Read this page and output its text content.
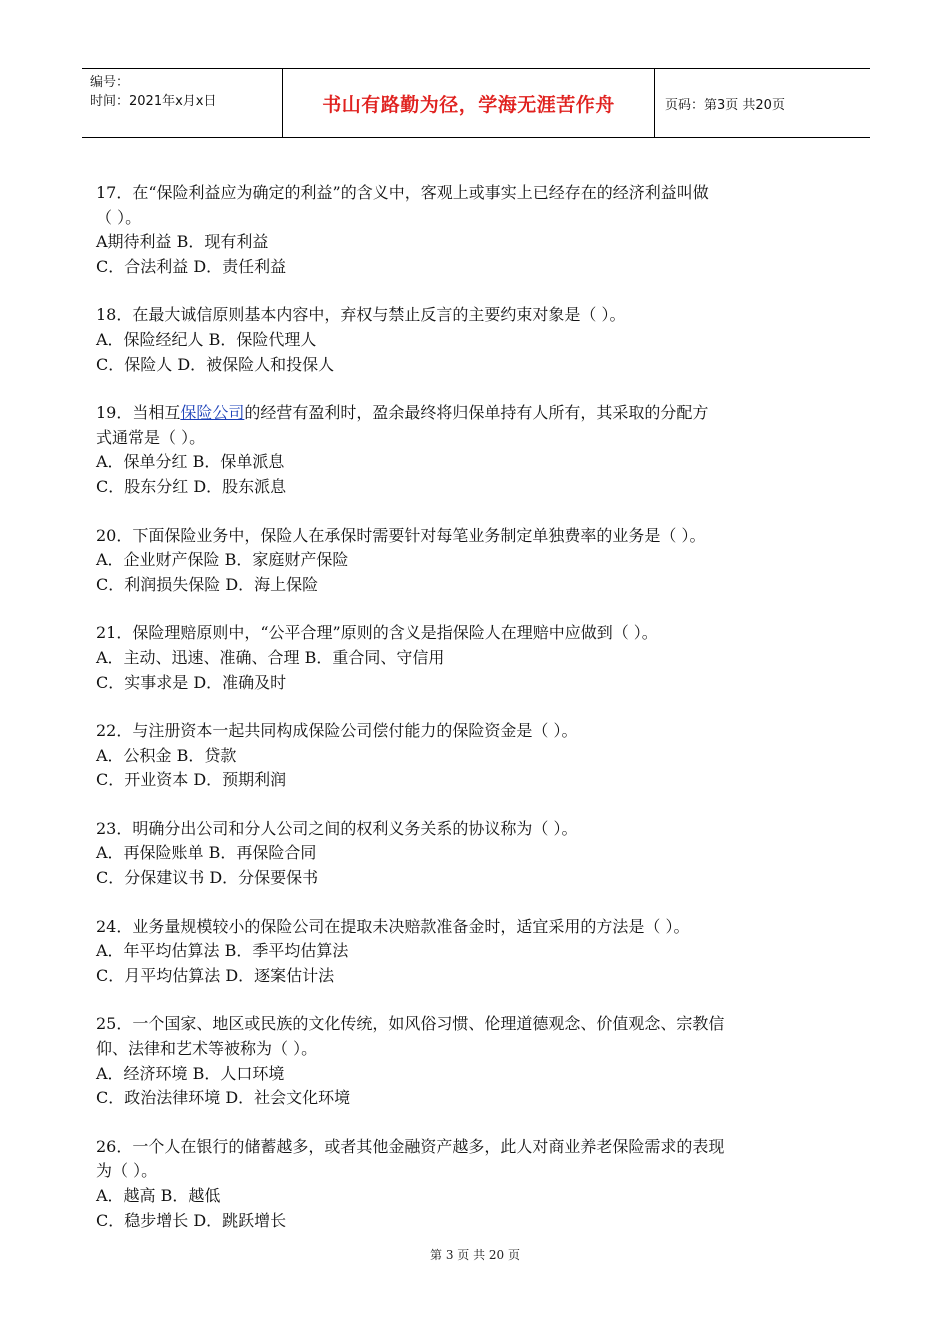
编号：
时间：2021年x月x日	书山有路勤为径，学海无涯苦作舟	页码：第3页 共20页
17．在“保险利益应为确定的利益”的含义中，客观上或事实上已经存在的经济利益叫做
（ ）。
A期待利益 B．现有利益
C．合法利益 D．责任利益
18．在最大诚信原则基本内容中，弃权与禁止反言的主要约束对象是（ ）。
A．保险经纪人 B．保险代理人
C．保险人 D．被保险人和投保人
19．当相互保险公司的经营有盈利时，盈余最终将归保单持有人所有，其采取的分配方
式通常是（ ）。
A．保单分红 B．保单派息
C．股东分红 D．股东派息
20．下面保险业务中，保险人在承保时需要针对每笔业务制定单独费率的业务是（ ）。
A．企业财产保险 B．家庭财产保险
C．利润损失保险 D．海上保险
21．保险理赔原则中，“公平合理”原则的含义是指保险人在理赔中应做到（ ）。
A．主动、迅速、准确、合理 B．重合同、守信用
C．实事求是 D．准确及时
22．与注册资本一起共同构成保险公司偿付能力的保险资金是（ ）。
A．公积金 B．贷款
C．开业资本 D．预期利润
23．明确分出公司和分人公司之间的权利义务关系的协议称为（ ）。
A．再保险账单 B．再保险合同
C．分保建议书 D．分保要保书
24．业务量规模较小的保险公司在提取未决赔款准备金时，适宜采用的方法是（ ）。
A．年平均估算法 B．季平均估算法
C．月平均估算法 D．逐案估计法
25．一个国家、地区或民族的文化传统，如风俗习惯、伦理道德观念、价值观念、宗教信
仰、法律和艺术等被称为（ ）。
A．经济环境 B．人口环境
C．政治法律环境 D．社会文化环境
26．一个人在银行的储蓄越多，或者其他金融资产越多，此人对商业养老保险需求的表现
为（ ）。
A．越高 B．越低
C．稳步增长 D．跳跃增长
第 3 页 共 20 页
